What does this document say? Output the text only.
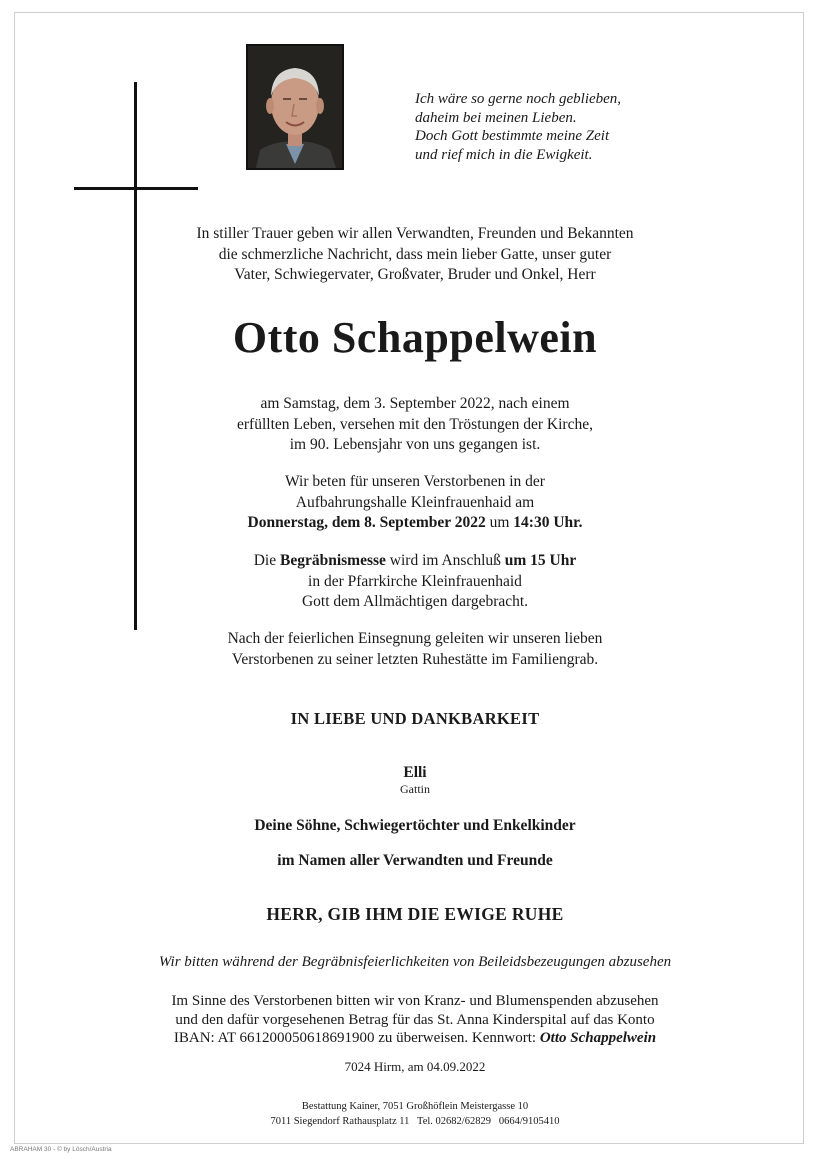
Ich wäre so gerne noch geblieben,
daheim bei meinen Lieben.
Doch Gott bestimmte meine Zeit
und rief mich in die Ewigkeit.
In stiller Trauer geben wir allen Verwandten, Freunden und Bekannten
die schmerzliche Nachricht, dass mein lieber Gatte, unser guter
Vater, Schwiegervater, Großvater, Bruder und Onkel, Herr
Otto Schappelwein
am Samstag, dem 3. September 2022, nach einem
erfüllten Leben, versehen mit den Tröstungen der Kirche,
im 90. Lebensjahr von uns gegangen ist.
Wir beten für unseren Verstorbenen in der
Aufbahrungshalle Kleinfrauenhaid am
Donnerstag, dem 8. September 2022 um 14:30 Uhr.
Die Begräbnismesse wird im Anschluß um 15 Uhr
in der Pfarrkirche Kleinfrauenhaid
Gott dem Allmächtigen dargebracht.
Nach der feierlichen Einsegnung geleiten wir unseren lieben
Verstorbenen zu seiner letzten Ruhestätte im Familiengrab.
IN LIEBE UND DANKBARKEIT
Elli
Gattin
Deine Söhne, Schwiegertöchter und Enkelkinder
im Namen aller Verwandten und Freunde
HERR, GIB IHM DIE EWIGE RUHE
Wir bitten während der Begräbnisfeierlichkeiten von Beileidsbezeugungen abzusehen
Im Sinne des Verstorbenen bitten wir von Kranz- und Blumenspenden abzusehen
und den dafür vorgesehenen Betrag für das St. Anna Kinderspital auf das Konto
IBAN: AT 661200050618691900 zu überweisen. Kennwort: Otto Schappelwein
7024 Hirm, am 04.09.2022
Bestattung Kainer, 7051 Großhöflein Meistergasse 10
7011 Siegendorf Rathausplatz 11   Tel. 02682/62829   0664/9105410
ABRAHAM 30 - © by Lösch/Austria
